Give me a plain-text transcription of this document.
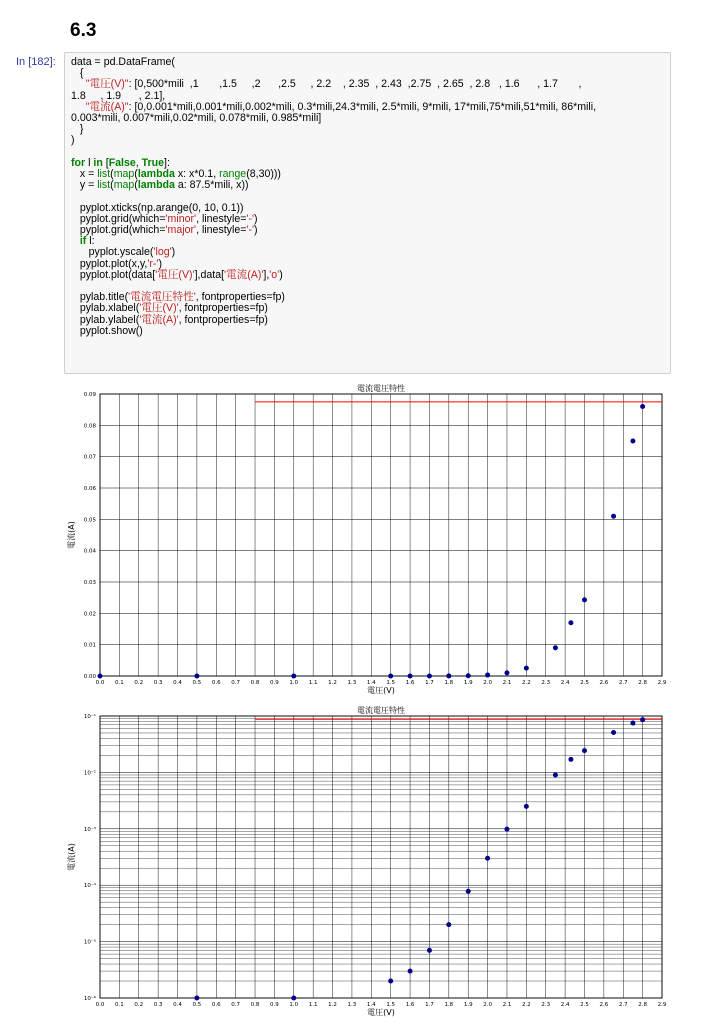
6.3
In [182]: data = pd.DataFrame(
{
"電圧(V)": [0,500*mili  ,1       ,1.5     ,2      ,2.5     , 2.2    , 2.35  , 2.43  ,2.75  , 2.65  , 2.8   , 1.6      , 1.7       ,
1.8     , 1.9      , 2.1],
"電流(A)": [0,0.001*mili,0.001*mili,0.002*mili, 0.3*mili,24.3*mili, 2.5*mili, 9*mili, 17*mili,75*mili,51*mili, 86*mili,
0.003*mili, 0.007*mili,0.02*mili, 0.078*mili, 0.985*mili]
}
)

for l in [False, True]:
x = list(map(lambda x: x*0.1, range(8,30)))
y = list(map(lambda a: 87.5*mili, x))

pyplot.xticks(np.arange(0, 10, 0.1))
pyplot.grid(which='minor', linestyle='-')
pyplot.grid(which='major', linestyle='-')
if l:
pyplot.yscale('log')
pyplot.plot(x,y,'r-')
pyplot.plot(data['電圧(V)'],data['電流(A)'],'o')

pylab.title('電流電圧特性', fontproperties=fp)
pylab.xlabel('電圧(V)', fontproperties=fp)
pylab.ylabel('電流(A)', fontproperties=fp)
pyplot.show()
0.0 0.1 0.2 0.3 0.4 0.5 0.6 0.7 0.8 0.9 1.0 1.1 1.2 1.3 1.4 1.5 1.6 1.7 1.8 1.9 2.0 2.1 2.2 2.3 2.4 2.5 2.6 2.7 2.8 2.9
0.00
0.01
0.02
0.03
0.04
0.05
0.06
0.07
0.08
0.09
電流電圧特性
電圧(V)
電流(A)
0.0 0.1 0.2 0.3 0.4 0.5 0.6 0.7 0.8 0.9 1.0 1.1 1.2 1.3 1.4 1.5 1.6 1.7 1.8 1.9 2.0 2.1 2.2 2.3 2.4 2.5 2.6 2.7 2.8 2.9
10⁻⁶
10⁻⁵
10⁻⁴
10⁻³
10⁻²
10⁻¹
電流電圧特性
電圧(V)
電流(A)
